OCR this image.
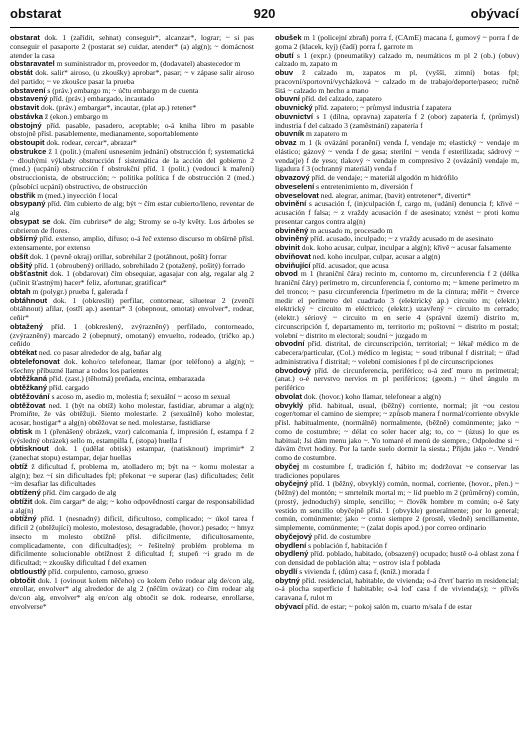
obstarat	920	obývací

obstarat dok. 1 (zařídit, sehnat) conseguir*, alcanzar*, lograr; ~ si pas conseguir el pasaporte 2 (postarat se) cuidar, atender* (a) alg(n); ~ domácnost atender la casa

obstaravatel m suministrador m, proveedor m, (dodavatel) abastecedor m

obstát dok. salir* airoso, (u zkoušky) aprobar*, pasar; ~ v zápase salir airoso del partido; ~ ve zkoušce pasar la prueba

obstavení s (práv.) embargo m; ~ účtu embargo m de cuenta

obstavený příd. (práv.) embargado, incautado

obstavit dok. (práv.) embargar*, incautar, (plat ap.) retener*

obstávka ž (ekon.) embargo m

obstojný příd. pasable, pasadero, aceptable; o-á kniha libro m pasable obstojně přísl. pasablemente, medianamente, soportablemente

obstoupit dok. rodear, cercar*, abrazar*

obstrukce ž 1 (polit.) (maření usnesením jednání) obstrucción f; systematická ~ dlouhými výklady obstrucción f sistemática de la acción del gobierno 2 (med.) (ucpání) obstrucción f obstrukční příd. 1 (polit.) (vedoucí k maření) obstruccionista, de obstrucción; ~ politika política f de obstrucción 2 (med.) (působící ucpání) obstructivo, de obstrucción

obstřik m (med.) inyección f local

obsypaný příd. čím cubierto de alg; být ~ čím estar cubierto/lleno, reventar de alg

obsypat se dok. čím cubrirse* de alg; Stromy se o-ly květy. Los árboles se cubrieron de flores.

obšírný příd. extenso, amplio, difuso; o-á řeč extenso discurso m obšírně přísl. extensamente, por extenso

obšít dok. 1 (pevně okraj) orillar, sobrehilar 2 (potáhnout, pošít) forrar

obšitý příd. 1 (obroubený) orillado, sobrehilado 2 (potažený, pošitý) forrado

obšťastnit dok. 1 (obdarovat) čím obsequiar, agasajar con alg, regalar alg 2 (učinit šťastným) hacer* feliz, afortunar, gratificar*

obtah m (polygr.) prueba f, galerada f

obtáhnout dok. 1 (obkreslit) perfilar, contornear, siluetear 2 (zvenčí obtáhnout) afilar, (ostří ap.) asentar* 3 (obepnout, omotat) envolver*, rodear, ceñir*

obtažený příd. 1 (obkreslený, zvýrazněný) perfilado, contorneado, (zvýrazněný) marcado 2 (obepnutý, omotaný) envuelto, rodeado, (tričko ap.) ceñido

obtékat ned. co pasar alrededor de alg, bañar alg

obtelefonovat dok. koho/co telefonear, llamar (por teléfono) a alg(n); ~ všechny příbuzné llamar a todos los parientes

obtěžkaná příd. (zast.) (těhotná) preñada, encinta, embarazada

obtěžkaný příd. cargado

obtěžování s acoso m, asedio m, molestia f; sexuální ~ acoso m sexual

obtěžovat ned. 1 (být na obtíž) koho molestar, fastidiar, abrumar a alg(n); Promiňte, že vás obtěžuji. Siento molestarle. 2 (sexuálně) koho molestar, acosar, hostigar* a alg(n) obtěžovat se ned. molestarse, fastidiarse

obtisk m 1 (přenášený obrázek, vzor) calcomanía f, impresión f, estampa f 2 (výsledný obrázek) sello m, estampilla f, (stopa) huella f

obtisknout dok. 1 (udělat obtisk) estampar, (natisknout) imprimir* 2 (zanechat stopu) estampar, dejar huellas

obtíž ž dificultad f, problema m, atolladero m; být na ~ komu molestar a alg(n); bez ~í sin dificultades fpl; překonat ~e superar (las) dificultades; čelit ~ím desafiar las dificultades

obtížený příd. čím cargado de alg

obtížit dok. čím cargar* de alg; ~ koho odpovědností cargar de responsabilidad a alg(n)

obtížný příd. 1 (nesnadný) difícil, dificultoso, complicado; ~ úkol tarea f difícil 2 (obtěžující) molesto, molestoso, desagradable, (hovor.) pesado; ~ hmyz insecto m molesto obtížně přísl. difícilmente, dificultosamente, complicadamente, con dificultad(es); ~ řešitelný problém problema m difícilmente solucionable obtížnost ž dificultad f; stupeň ~i grado m de dificultad; ~ zkoušky dificultad f del examen

obtloustlý příd. corpulento, carnoso, grueso

obtočit dok. 1 (ovinout kolem něčeho) co kolem čeho rodear alg de/con alg, enrollar, envolver* alg alrededor de alg 2 (něčím ovázat) co čím rodear alg de/con alg, envolver* alg en/con alg obtočit se dok. rodearse, enrollarse, envolverse*

obušek m 1 (policejní zbraň) porra f, (CAmE) macana f, gumový ~ porra f de goma 2 (klacek, kyj) (čadí) porra f, garrote m

obutí s 1 (expr.) (pneumatiky) calzado m, neumáticos m pl 2 (ob.) (obuv) calzado m, zapato m

obuv ž calzado m, zapatos m pl, (vyšší, zimní) botas fpl; pracovní/sportovní/vycházková ~ calzado m de trabajo/deporte/paseo; ručně šitá ~ calzado m hecho a mano

obuvní příd. del calzado, zapatero

obuvnický příd. zapatero; ~ průmysl industria f zapatera

obuvnictví s 1 (dílna, opravna) zapatería f 2 (obor) zapatería f, (průmysl) industria f del calzado 3 (zaměstnání) zapatería f

obuvník m zapatero m

obvaz m 1 (k ovázání poranění) venda f, vendaje m; elastický ~ vendaje m elástico; gázový ~ venda f de gasa; sterilní ~ venda f esterilizada; sádrový ~ venda(je) f de yeso; tlakový ~ vendaje m compresivo 2 (ovázání) vendaje m, ligadura f 3 (ochranný materiál) venda f

obvazový příd. de vendaje; ~ materiál algodón m hidrófilo

obveselení s entretenimiento m, diversión f

obveselovat ned. alegrar, animar, (bavit) entretener*, divertir*

obvinění s acusación f, (in)culpación f, cargo m, (udání) denuncia f; křivé ~ acusación f falsa; ~ z vraždy acusación f de asesinato; vznést ~ proti komu presentar cargos contra alg(n)

obviněný m acusado m, procesado m

obviněný příd. acusado, inculpado; ~ z vraždy acusado m de asesinato

obvinit dok. koho acusar, culpar, inculpar a alg(n); křivě ~ acusar falsamente

obviňovat ned. koho inculpar, culpar, acusar a alg(n)

obviňující příd. acusador, que acusa

obvod m 1 (hraniční čára) recinto m, contorno m, circunferencia f 2 (délka hraniční čáry) perímetro m, circunferencia f, contorno m; ~ kmene perímetro m del tronco; ~ pasu circunferencia f/perímetro m de la cintura; měřit ~ čtverce medir el perímetro del cuadrado 3 (elektrický ap.) circuito m; (elektr.) elektrický ~ circuito m eléctrico; (elektr.) uzavřený ~ circuito m cerrado; (elektr.) sériový ~ circuito m en serie 4 (správní území) distrito m, circunscripción f, departamento m, territorio m; poštovní ~ distrito m postal; volební ~ distrito m electoral; soudní ~ juzgado m

obvodní příd. distrital, de circunscripción, territorial; ~ lékař médico m de cabecera/particular, (Col.) médico m legista; ~ soud tribunal f distrital; ~ úřad administrativa f distrital; ~ volební comisiones f pl de circunscripciones

obvodový příd. de circunferencia, periférico; o-á zeď muro m perimetral; (anat.) o-é nervstvo nervios m pl periféricos; (geom.) ~ úhel ángulo m periférico

obvolat dok. (hovor.) koho llamar, telefonear a alg(n)

obvyklý příd. habitual, usual, (běžný) corriente, normal; jít ~ou cestou coger/tomar el camino de siempre; ~ způsob manera f normal/corriente obvykle přísl. habitualmente, (normálně) normalmente, (běžně) comúnmente; jako ~ como de costumbre; ~ délat co soler hacer alg; to, co ~ (úzus) lo que es habitual; Jsi dám menu jako ~. Yo tomaré el menú de siempre.; Odpoledne si ~ dávám čtvrt hodiny. Por la tarde suelo dormir la siesta.; Přijdu jako ~. Vendré como de costumbre.

obyčej m costumbre f, tradición f, hábito m; dodržovat ~e conservar las tradiciones populares

obyčejný příd. 1 (běžný, obvyklý) común, normal, corriente, (hovor., přen.) ~ (běžný) del montón; ~ smrtelník mortal m; ~ lid pueblo m 2 (průměrný) común, (prostý, jednoduchý) simple, sencillo; ~ člověk hombre m común; o-é šaty vestido m sencillo obyčejně přísl. 1 (obvykle) generalmente; por lo general; común, comúnmente; jako ~ como siempre 2 (prostě, všedně) sencillamente, simplemente, comúnmente; ~ (zalat dopis apod.) por correo ordinario

obyčejový příd. de costumbre

obydlení s población f, habitación f

obydlený příd. poblado, habitado, (obsazený) ocupado; hustě o-á oblast zona f con densidad de población alta; ~ ostrov isla f poblada

obydlí s vivienda f, (dům) casa f, (kníž.) morada f

obytný příd. residencial, habitable, de vivienda; o-á čtvrť barrio m residencial; o-á plocha superficie f habitable; o-á loď casa f de vivienda(s); ~ přívěs caravana f, rulot m

obývací příd. de estar; ~ pokoj salón m, cuarto m/sala f de estar
